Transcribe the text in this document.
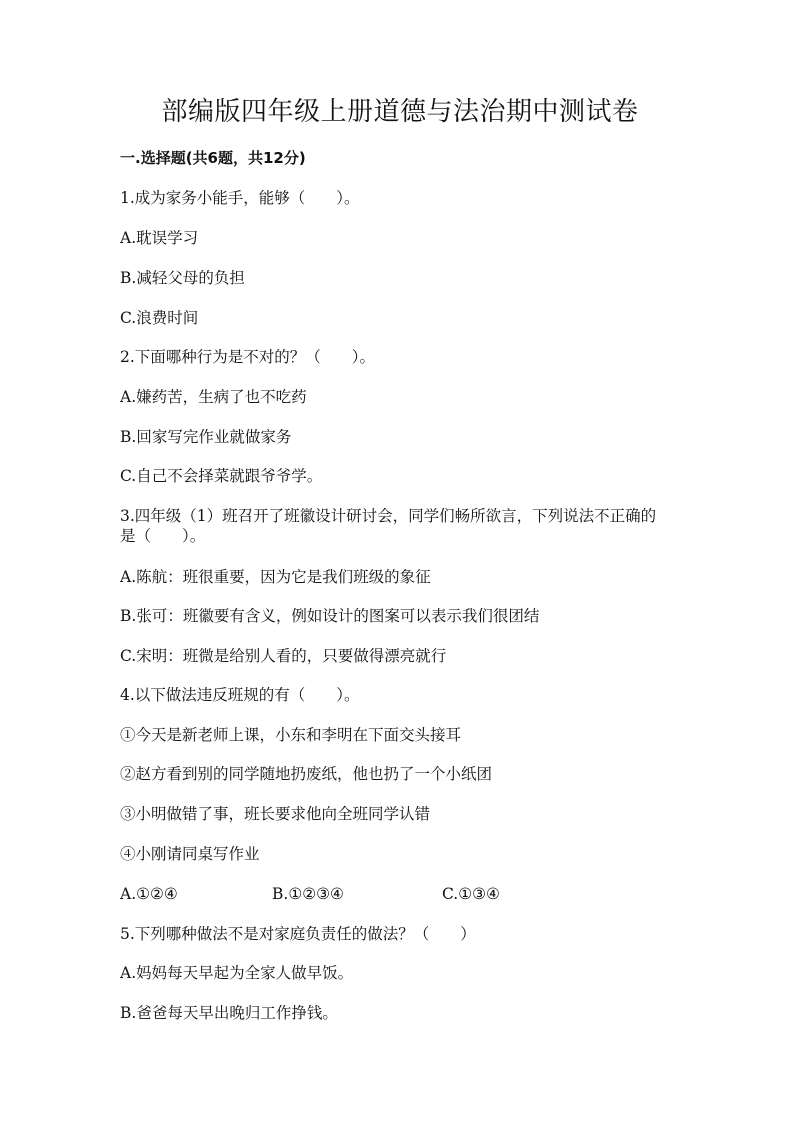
部编版四年级上册道德与法治期中测试卷
一.选择题(共6题，共12分)
1.成为家务小能手，能够（　　）。
A.耽误学习
B.减轻父母的负担
C.浪费时间
2.下面哪种行为是不对的？（　　）。
A.嫌药苦，生病了也不吃药
B.回家写完作业就做家务
C.自己不会择菜就跟爷爷学。
3.四年级（1）班召开了班徽设计研讨会，同学们畅所欲言，下列说法不正确的
是（　　）。
A.陈航：班很重要，因为它是我们班级的象征
B.张可：班徽要有含义，例如设计的图案可以表示我们很团结
C.宋明：班微是给别人看的，只要做得漂亮就行
4.以下做法违反班规的有（　　）。
①今天是新老师上课，小东和李明在下面交头接耳
②赵方看到别的同学随地扔废纸，他也扔了一个小纸团
③小明做错了事，班长要求他向全班同学认错
④小刚请同桌写作业
A.①②④	B.①②③④	C.①③④
5.下列哪种做法不是对家庭负责任的做法？（　　）
A.妈妈每天早起为全家人做早饭。
B.爸爸每天早出晚归工作挣钱。
